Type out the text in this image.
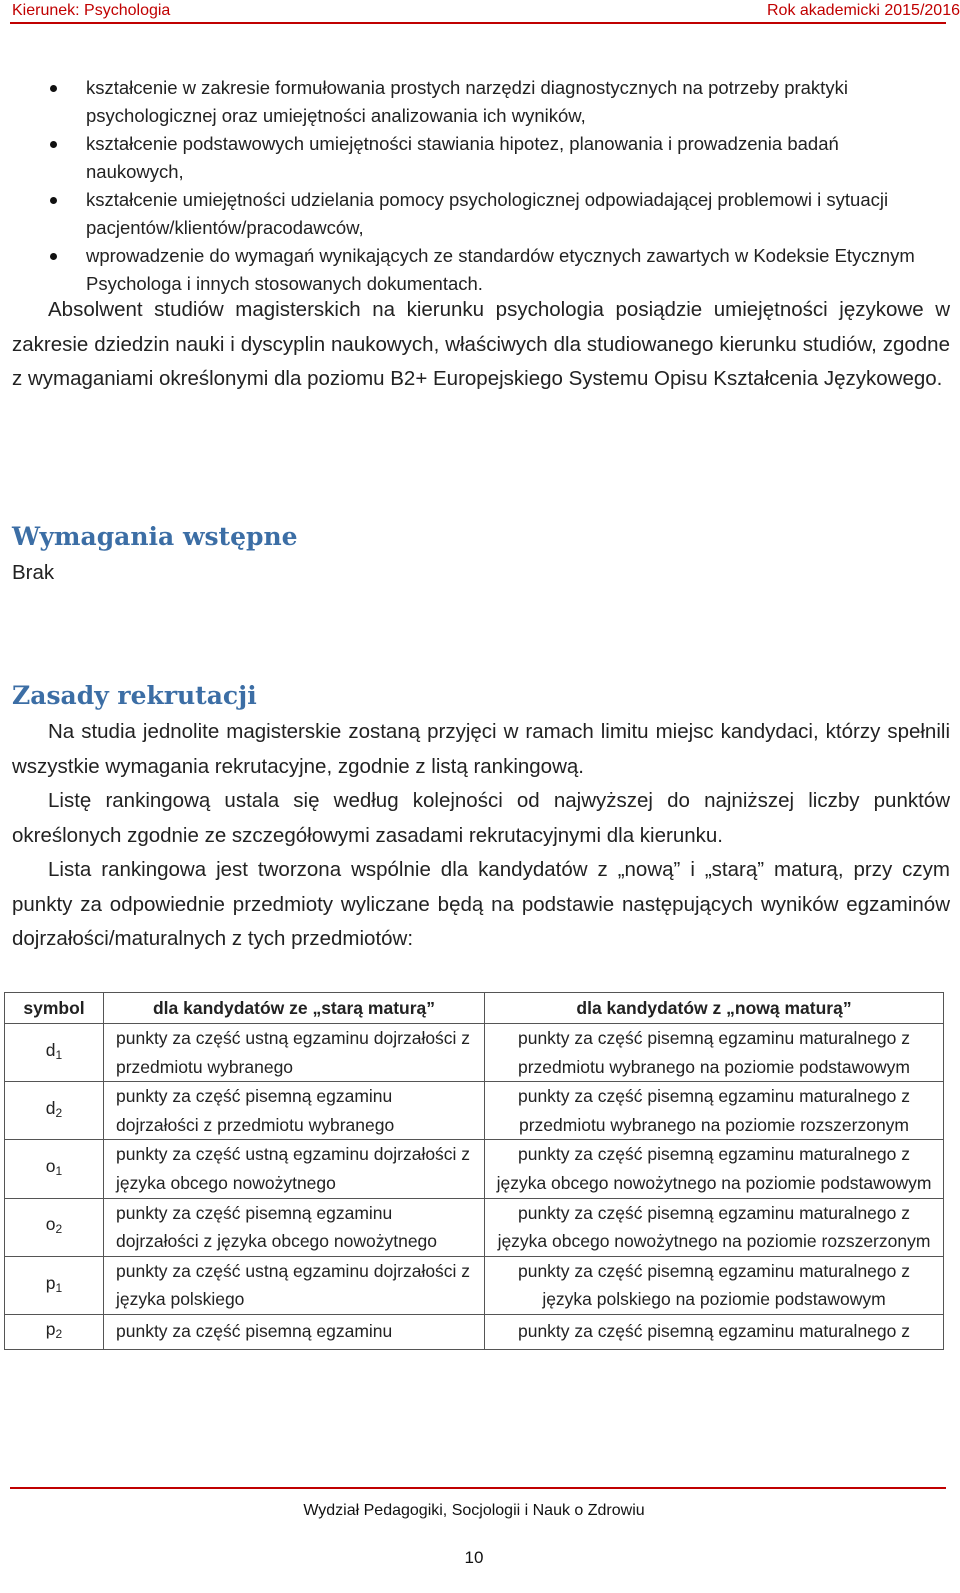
Kierunek: Psychologia	Rok akademicki 2015/2016
kształcenie w zakresie formułowania prostych narzędzi diagnostycznych na potrzeby praktyki psychologicznej oraz umiejętności analizowania ich wyników,
kształcenie podstawowych umiejętności stawiania hipotez, planowania i prowadzenia badań naukowych,
kształcenie umiejętności udzielania pomocy psychologicznej odpowiadającej problemowi i sytuacji pacjentów/klientów/pracodawców,
wprowadzenie do wymagań wynikających ze standardów etycznych zawartych w Kodeksie Etycznym Psychologa i innych stosowanych dokumentach.

Absolwent studiów magisterskich na kierunku psychologia posiądzie umiejętności językowe w zakresie dziedzin nauki i dyscyplin naukowych, właściwych dla studiowanego kierunku studiów, zgodne z wymaganiami określonymi dla poziomu B2+ Europejskiego Systemu Opisu Kształcenia Językowego.

Wymagania wstępne

Brak

Zasady rekrutacji

Na studia jednolite magisterskie zostaną przyjęci w ramach limitu miejsc kandydaci, którzy spełnili wszystkie wymagania rekrutacyjne, zgodnie z listą rankingową.

Listę rankingową ustala się według kolejności od najwyższej do najniższej liczby punktów określonych zgodnie ze szczegółowymi zasadami rekrutacyjnymi dla kierunku.

Lista rankingowa jest tworzona wspólnie dla kandydatów z „nową” i „starą” maturą, przy czym punkty za odpowiednie przedmioty wyliczane będą na podstawie następujących wyników egzaminów dojrzałości/maturalnych z tych przedmiotów:

symbol	dla kandydatów ze „starą maturą”	dla kandydatów z „nową maturą”
$d_1$	punkty za część ustną egzaminu dojrzałości z przedmiotu wybranego	punkty za część pisemną egzaminu maturalnego z przedmiotu wybranego na poziomie podstawowym
$d_2$	punkty za część pisemną egzaminu dojrzałości z przedmiotu wybranego	punkty za część pisemną egzaminu maturalnego z przedmiotu wybranego na poziomie rozszerzonym
$o_1$	punkty za część ustną egzaminu dojrzałości z języka obcego nowożytnego	punkty za część pisemną egzaminu maturalnego z języka obcego nowożytnego na poziomie podstawowym
$o_2$	punkty za część pisemną egzaminu dojrzałości z języka obcego nowożytnego	punkty za część pisemną egzaminu maturalnego z języka obcego nowożytnego na poziomie rozszerzonym
$p_1$	punkty za część ustną egzaminu dojrzałości z języka polskiego	punkty za część pisemną egzaminu maturalnego z języka polskiego na poziomie podstawowym
$p_2$	punkty za część pisemną egzaminu	punkty za część pisemną egzaminu maturalnego z
Wydział Pedagogiki, Socjologii i Nauk o Zdrowiu
10
